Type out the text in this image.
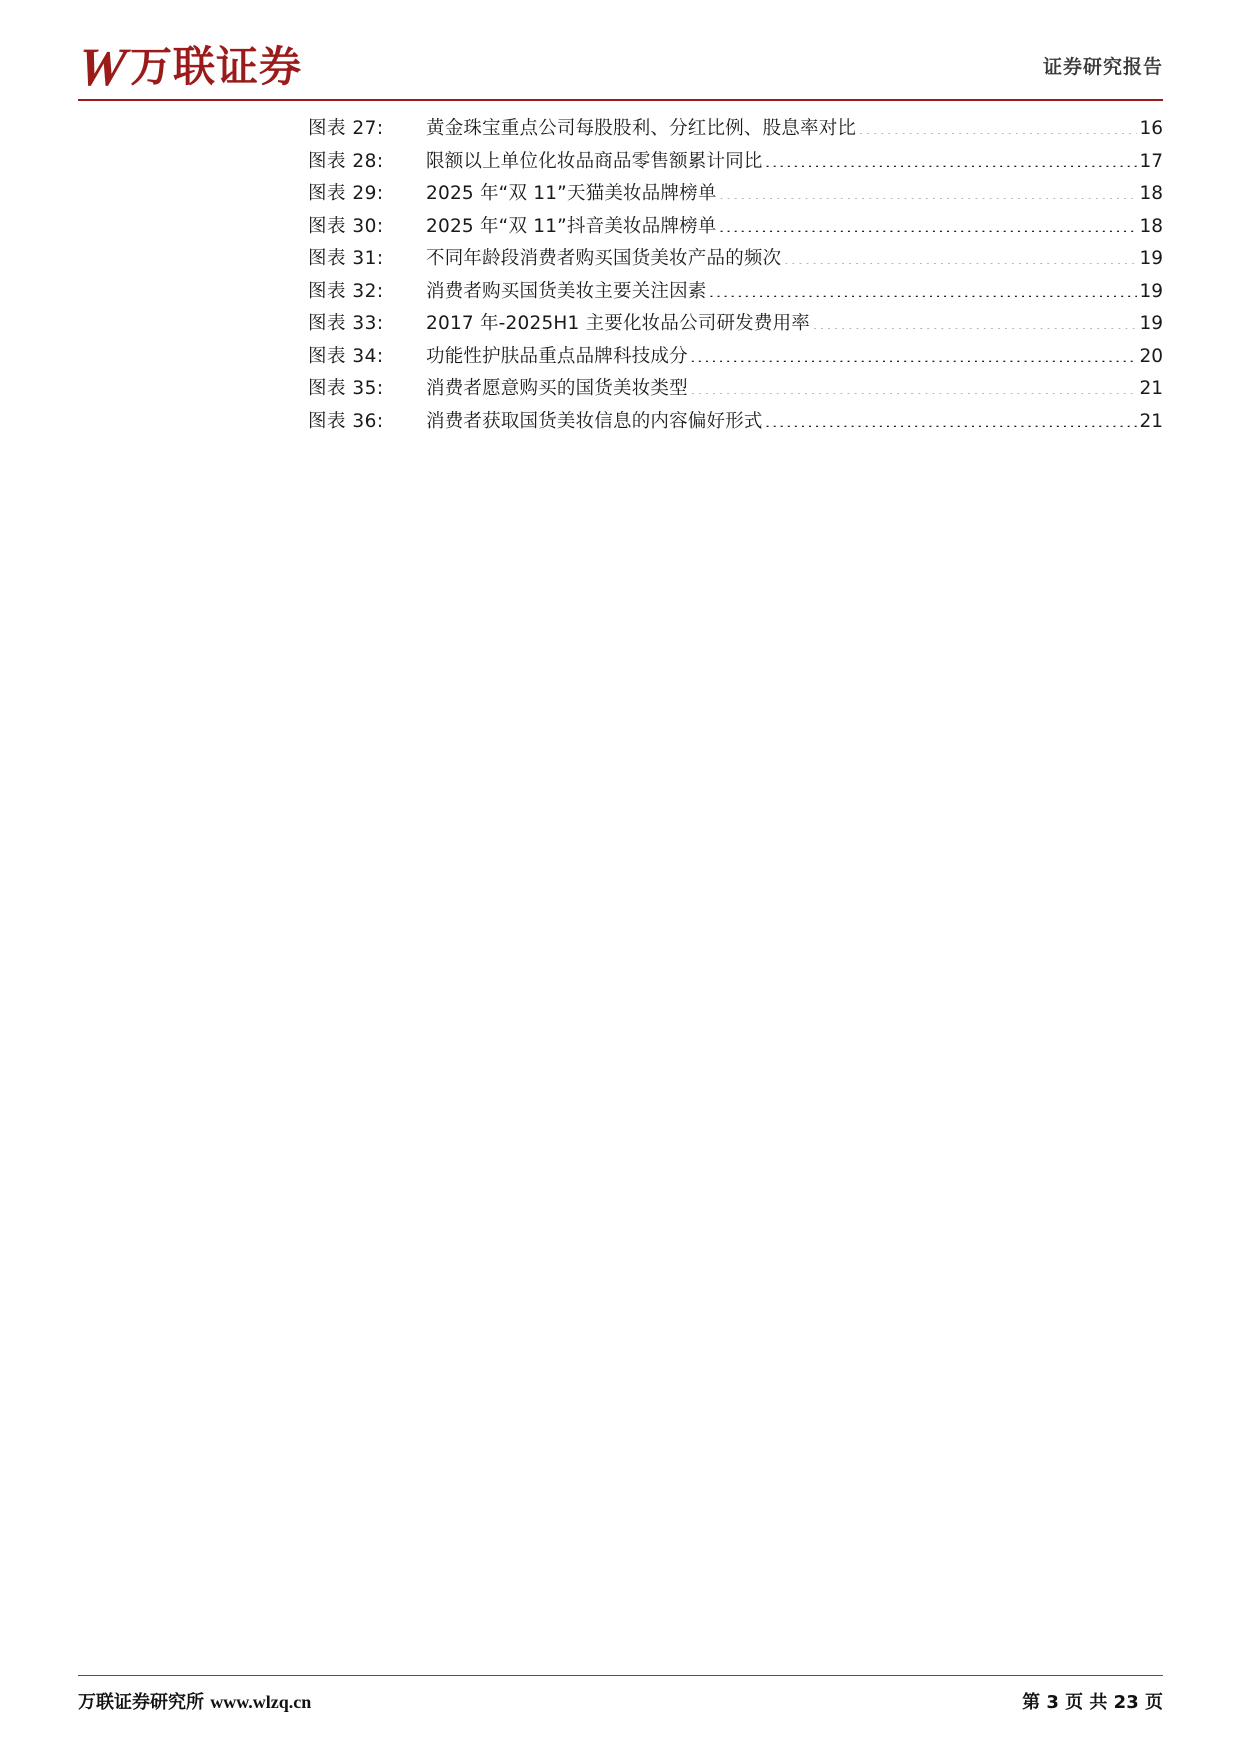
W 万联证券	证券研究报告
图表 27:	黄金珠宝重点公司每股股利、分红比例、股息率对比 .....	16
图表 28:	限额以上单位化妆品商品零售额累计同比 .....	17
图表 29:	2025 年“双 11”天猫美妆品牌榜单 .....	18
图表 30:	2025 年“双 11”抖音美妆品牌榜单 .....	18
图表 31:	不同年龄段消费者购买国货美妆产品的频次 .....	19
图表 32:	消费者购买国货美妆主要关注因素 .....	19
图表 33:	2017 年-2025H1 主要化妆品公司研发费用率 .....	19
图表 34:	功能性护肤品重点品牌科技成分 .....	20
图表 35:	消费者愿意购买的国货美妆类型 .....	21
图表 36:	消费者获取国货美妆信息的内容偏好形式 .....	21
万联证券研究所 www.wlzq.cn	第 3 页 共 23 页
